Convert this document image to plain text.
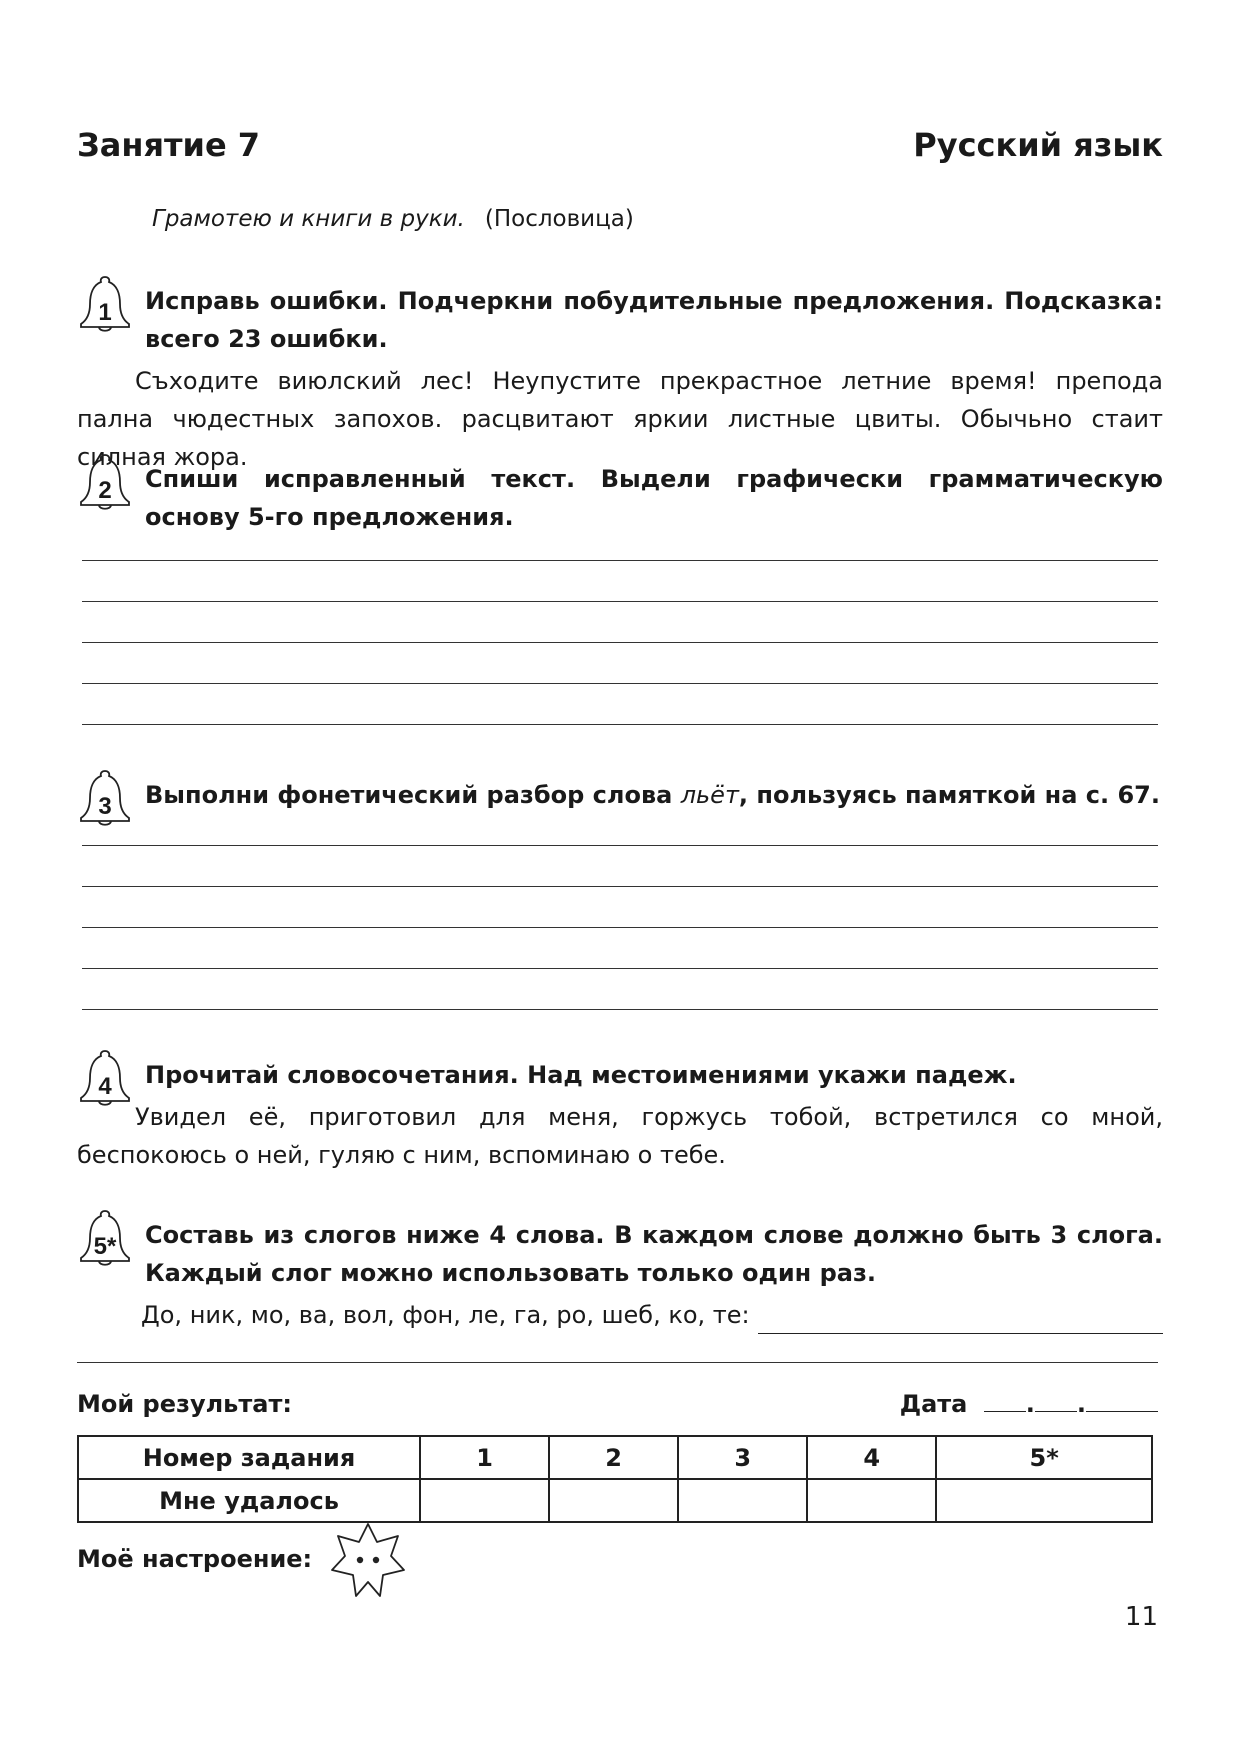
Занятие 7	Русский язык
Грамотею и книги в руки. (Пословица)
1	Исправь ошибки. Подчеркни побудительные предложения. Подсказка: всего 23 ошибки.
Съходите виюлский лес! Неупустите прекрастное летние время! препода пална чюдестных запохов. расцвитают яркии листные цвиты. Обычьно стаит силная жора.
2	Спиши исправленный текст. Выдели графически грамматическую основу 5-го предложения.
3	Выполни фонетический разбор слова льёт, пользуясь памяткой на с. 67.
4	Прочитай словосочетания. Над местоимениями укажи падеж.
Увидел её, приготовил для меня, горжусь тобой, встретился со мной, беспокоюсь о ней, гуляю с ним, вспоминаю о тебе.
5*	Составь из слогов ниже 4 слова. В каждом слове должно быть 3 слога. Каждый слог можно использовать только один раз.
До, ник, мо, ва, вол, фон, ле, га, ро, шеб, ко, те:
Мой результат:	Дата . .
Номер задания	1	2	3	4	5*
Мне удалось					
Моё настроение:
11
